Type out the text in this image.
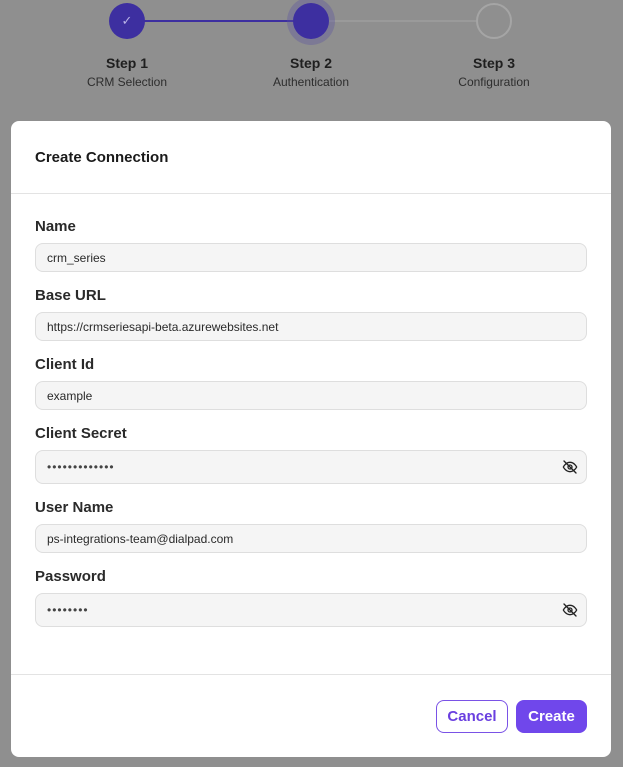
✓
Step 1
CRM Selection
Step 2
Authentication
Step 3
Configuration
Create Connection
Name
crm_series
Base URL
https://crmseriesapi-beta.azurewebsites.net
Client Id
example
Client Secret
•••••••••••••
User Name
ps-integrations-team@dialpad.com
Password
••••••••
Cancel	Create
